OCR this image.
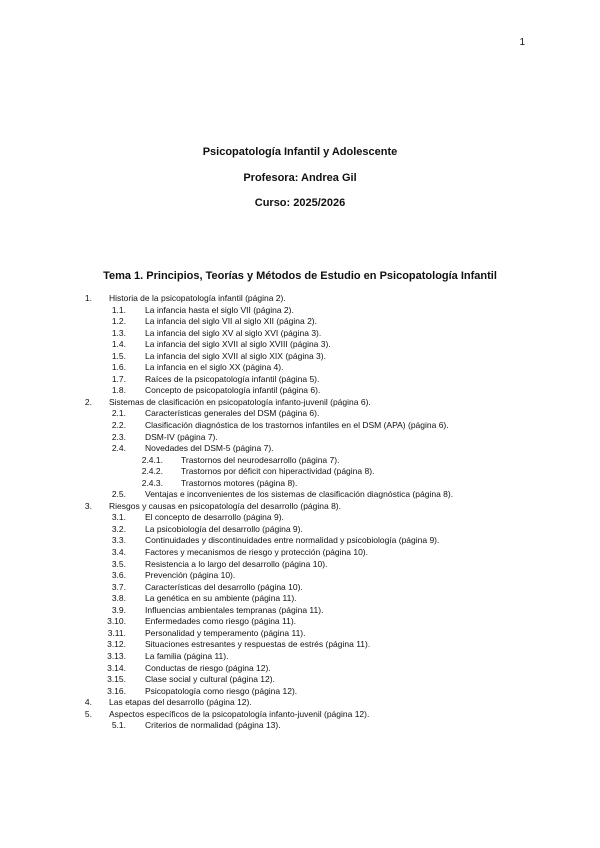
1
Psicopatología Infantil y Adolescente
Profesora: Andrea Gil
Curso: 2025/2026
Tema 1. Principios, Teorías y Métodos de Estudio en Psicopatología Infantil
1. Historia de la psicopatología infantil (página 2).
1.1. La infancia hasta el siglo VII (página 2).
1.2. La infancia del siglo VII al siglo XII (página 2).
1.3. La infancia del siglo XV al siglo XVI (página 3).
1.4. La infancia del siglo XVII al siglo XVIII (página 3).
1.5. La infancia del siglo XVII al siglo XIX (página 3).
1.6. La infancia en el siglo XX (página 4).
1.7. Raíces de la psicopatología infantil (página 5).
1.8. Concepto de psicopatología infantil (página 6).
2. Sistemas de clasificación en psicopatología infanto-juvenil (página 6).
2.1. Características generales del DSM (página 6).
2.2. Clasificación diagnóstica de los trastornos infantiles en el DSM (APA) (página 6).
2.3. DSM-IV (página 7).
2.4. Novedades del DSM-5 (página 7).
2.4.1. Trastornos del neurodesarrollo (página 7).
2.4.2. Trastornos por déficit con hiperactividad (página 8).
2.4.3. Trastornos motores (página 8).
2.5. Ventajas e inconvenientes de los sistemas de clasificación diagnóstica (página 8).
3. Riesgos y causas en psicopatología del desarrollo (página 8).
3.1. El concepto de desarrollo (página 9).
3.2. La psicobiología del desarrollo (página 9).
3.3. Continuidades y discontinuidades entre normalidad y psicobiología (página 9).
3.4. Factores y mecanismos de riesgo y protección (página 10).
3.5. Resistencia a lo largo del desarrollo (página 10).
3.6. Prevención (página 10).
3.7. Características del desarrollo (página 10).
3.8. La genética en su ambiente (página 11).
3.9. Influencias ambientales tempranas (página 11).
3.10. Enfermedades como riesgo (página 11).
3.11. Personalidad y temperamento (página 11).
3.12. Situaciones estresantes y respuestas de estrés (página 11).
3.13. La familia (página 11).
3.14. Conductas de riesgo (página 12).
3.15. Clase social y cultural (página 12).
3.16. Psicopatología como riesgo (página 12).
4. Las etapas del desarrollo (página 12).
5. Aspectos específicos de la psicopatología infanto-juvenil (página 12).
5.1. Criterios de normalidad (página 13).
